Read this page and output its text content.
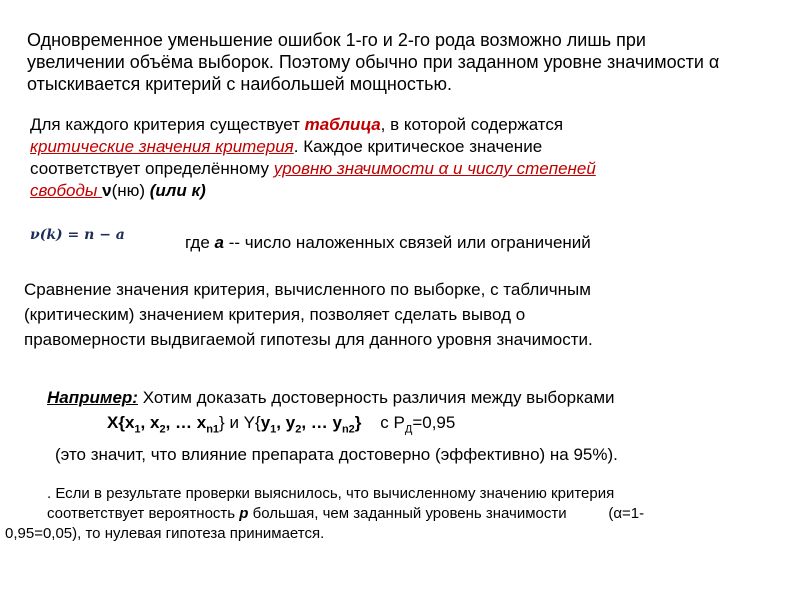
Одновременное уменьшение ошибок 1-го и 2-го рода возможно лишь при
увеличении объёма выборок. Поэтому обычно при заданном уровне значимости α
отыскивается критерий с наибольшей мощностью.

Для каждого критерия существует таблица, в которой содержатся
критические значения критерия. Каждое критическое значение
соответствует определённому уровню значимости α и числу степеней
свободы ν(ню) (или к)

ν(k) = n − a	где a -- число наложенных связей или ограничений

Сравнение значения критерия, вычисленного по выборке, с табличным
(критическим) значением критерия, позволяет сделать вывод о
правомерности выдвигаемой гипотезы для данного уровня значимости.

Например: Хотим доказать достоверность различия между выборками
$X\{x_1$, $x_2$, … $x_{n1}$} и $Y\{y_1$, $y_2$, … $y_{n2}$}    с $Р_Д=0,95$
(это значит, что влияние препарата достоверно (эффективно) на 95%).

. Если в результате проверки выяснилось, что вычисленному значению критерия
соответствует вероятность р большая, чем заданный уровень значимости          (α=1-
0,95=0,05), то нулевая гипотеза принимается.
